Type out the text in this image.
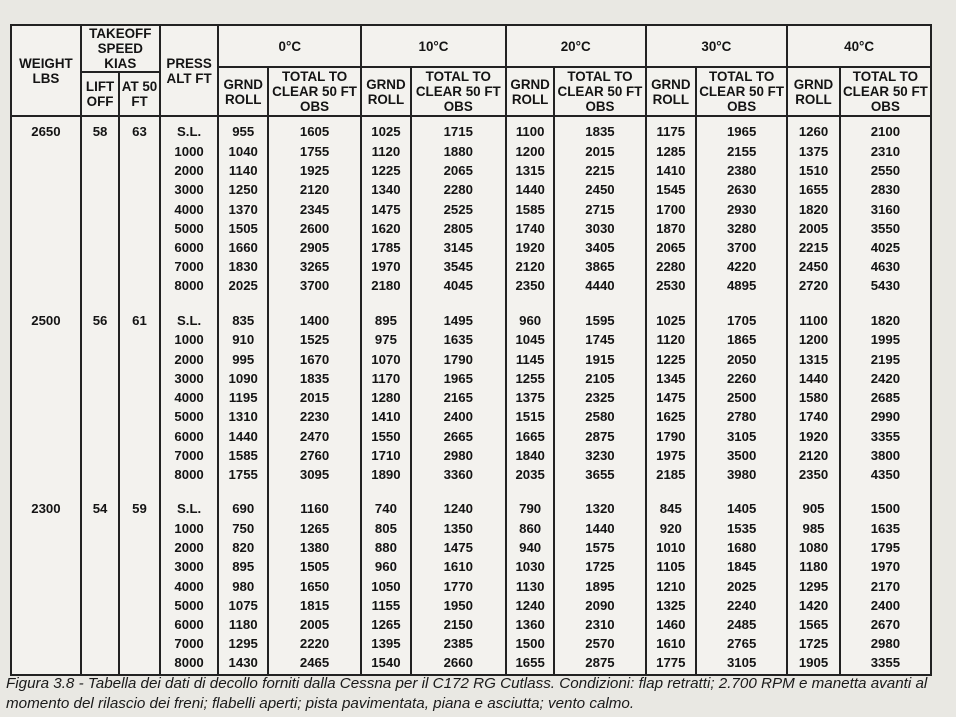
WEIGHT LBS	TAKEOFF SPEED KIAS		PRESS ALT FT	0°C		10°C		20°C		30°C		40°C	
				GRND ROLL	TOTAL TO CLEAR 50 FT OBS	GRND ROLL	TOTAL TO CLEAR 50 FT OBS	GRND ROLL	TOTAL TO CLEAR 50 FT OBS	GRND ROLL	TOTAL TO CLEAR 50 FT OBS	GRND ROLL	TOTAL TO CLEAR 50 FT OBS
	LIFT OFF	AT 50 FT											
2650	58	63	S.L.	955	1605	1025	1715	1100	1835	1175	1965	1260	2100
			1000	1040	1755	1120	1880	1200	2015	1285	2155	1375	2310
			2000	1140	1925	1225	2065	1315	2215	1410	2380	1510	2550
			3000	1250	2120	1340	2280	1440	2450	1545	2630	1655	2830
			4000	1370	2345	1475	2525	1585	2715	1700	2930	1820	3160
			5000	1505	2600	1620	2805	1740	3030	1870	3280	2005	3550
			6000	1660	2905	1785	3145	1920	3405	2065	3700	2215	4025
			7000	1830	3265	1970	3545	2120	3865	2280	4220	2450	4630
			8000	2025	3700	2180	4045	2350	4440	2530	4895	2720	5430

2500	56	61	S.L.	835	1400	895	1495	960	1595	1025	1705	1100	1820
			1000	910	1525	975	1635	1045	1745	1120	1865	1200	1995
			2000	995	1670	1070	1790	1145	1915	1225	2050	1315	2195
			3000	1090	1835	1170	1965	1255	2105	1345	2260	1440	2420
			4000	1195	2015	1280	2165	1375	2325	1475	2500	1580	2685
			5000	1310	2230	1410	2400	1515	2580	1625	2780	1740	2990
			6000	1440	2470	1550	2665	1665	2875	1790	3105	1920	3355
			7000	1585	2760	1710	2980	1840	3230	1975	3500	2120	3800
			8000	1755	3095	1890	3360	2035	3655	2185	3980	2350	4350

2300	54	59	S.L.	690	1160	740	1240	790	1320	845	1405	905	1500
			1000	750	1265	805	1350	860	1440	920	1535	985	1635
			2000	820	1380	880	1475	940	1575	1010	1680	1080	1795
			3000	895	1505	960	1610	1030	1725	1105	1845	1180	1970
			4000	980	1650	1050	1770	1130	1895	1210	2025	1295	2170
			5000	1075	1815	1155	1950	1240	2090	1325	2240	1420	2400
			6000	1180	2005	1265	2150	1360	2310	1460	2485	1565	2670
			7000	1295	2220	1395	2385	1500	2570	1610	2765	1725	2980
			8000	1430	2465	1540	2660	1655	2875	1775	3105	1905	3355

Figura 3.8 - Tabella dei dati di decollo forniti dalla Cessna per il C172 RG Cutlass. Condizioni: flap retratti; 2.700 RPM e manetta avanti al momento del rilascio dei freni; flabelli aperti; pista pavimentata, piana e asciutta; vento calmo.
